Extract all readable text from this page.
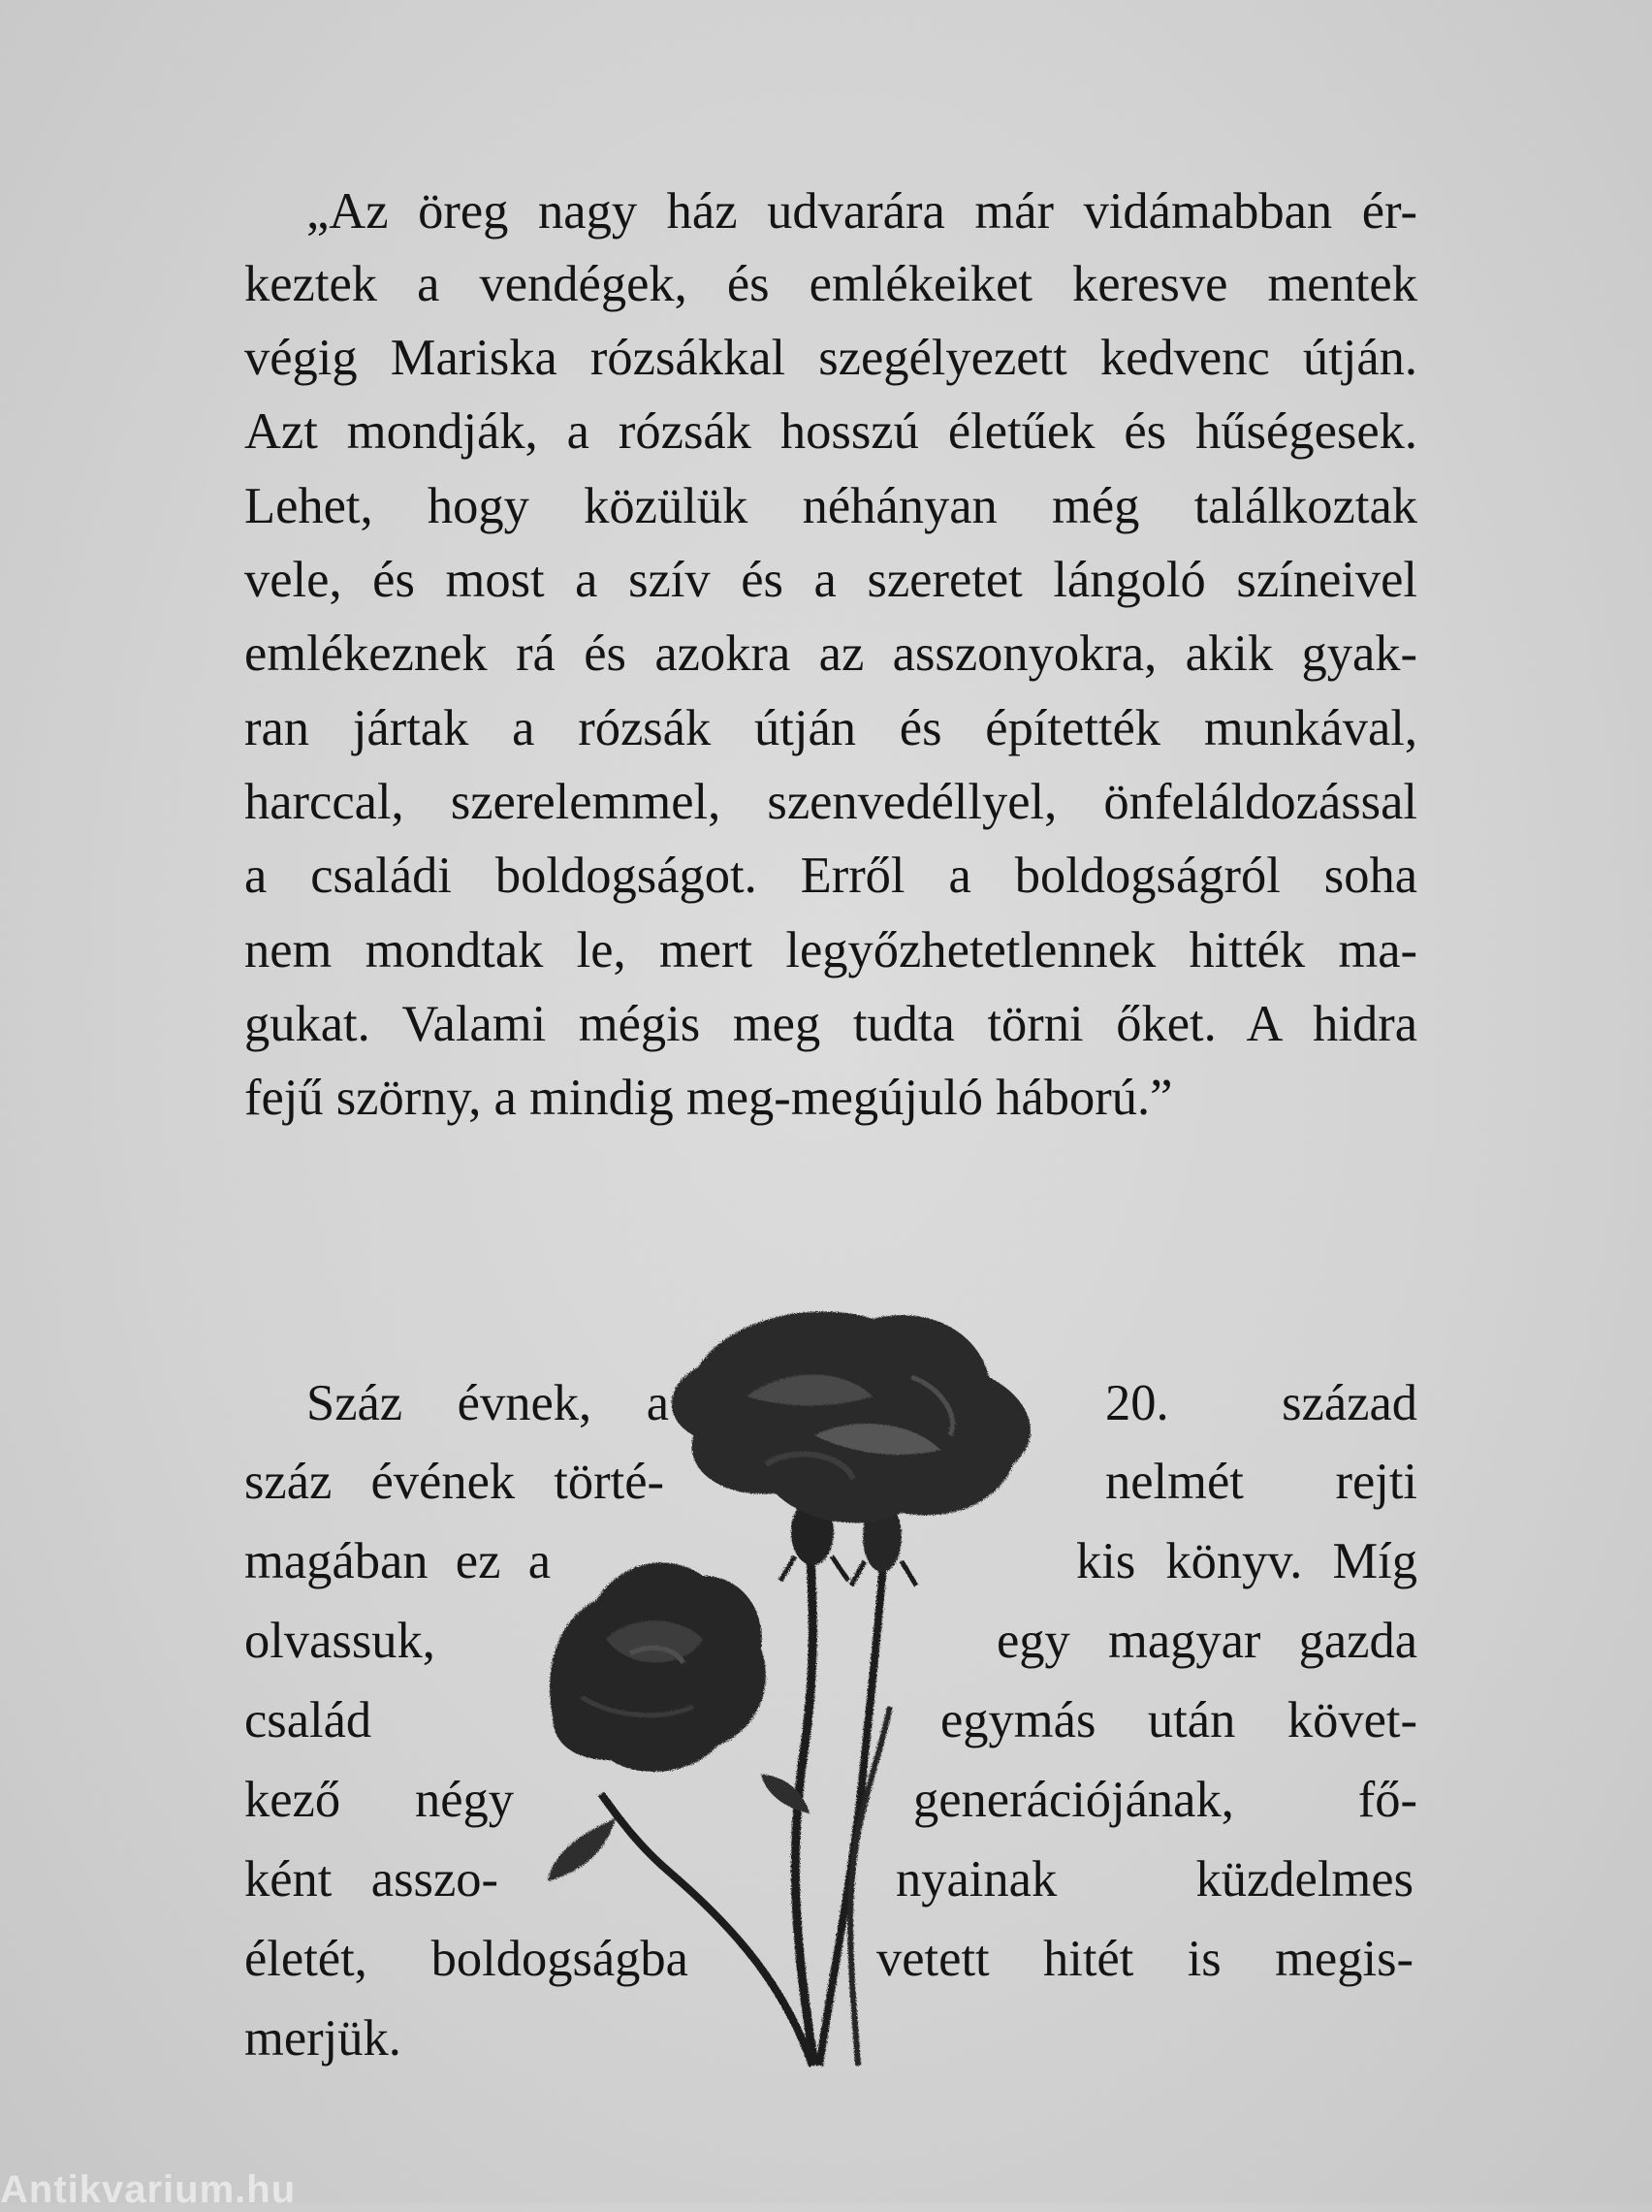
„Az öreg nagy ház udvarára már vidámabban ér-
keztek a vendégek, és emlékeiket keresve mentek
végig Mariska rózsákkal szegélyezett kedvenc útján.
Azt mondják, a rózsák hosszú életűek és hűségesek.
Lehet, hogy közülük néhányan még találkoztak
vele, és most a szív és a szeretet lángoló színeivel
emlékeznek rá és azokra az asszonyokra, akik gyak-
ran jártak a rózsák útján és építették munkával,
harccal, szerelemmel, szenvedéllyel, önfeláldozással
a családi boldogságot. Erről a boldogságról soha
nem mondtak le, mert legyőzhetetlennek hitték ma-
gukat. Valami mégis meg tudta törni őket. A hidra
fejű szörny, a mindig meg-megújuló háború.”
Száz évnek, a
száz évének törté-
magában ez a
olvassuk,
család
kező négy
ként asszo-
életét, boldogságba
merjük.
20. század
nelmét rejti
kis könyv. Míg
egy magyar gazda
egymás után követ-
generációjának, fő-
nyainak küzdelmes
vetett hitét is megis-
Antikvarium.hu
